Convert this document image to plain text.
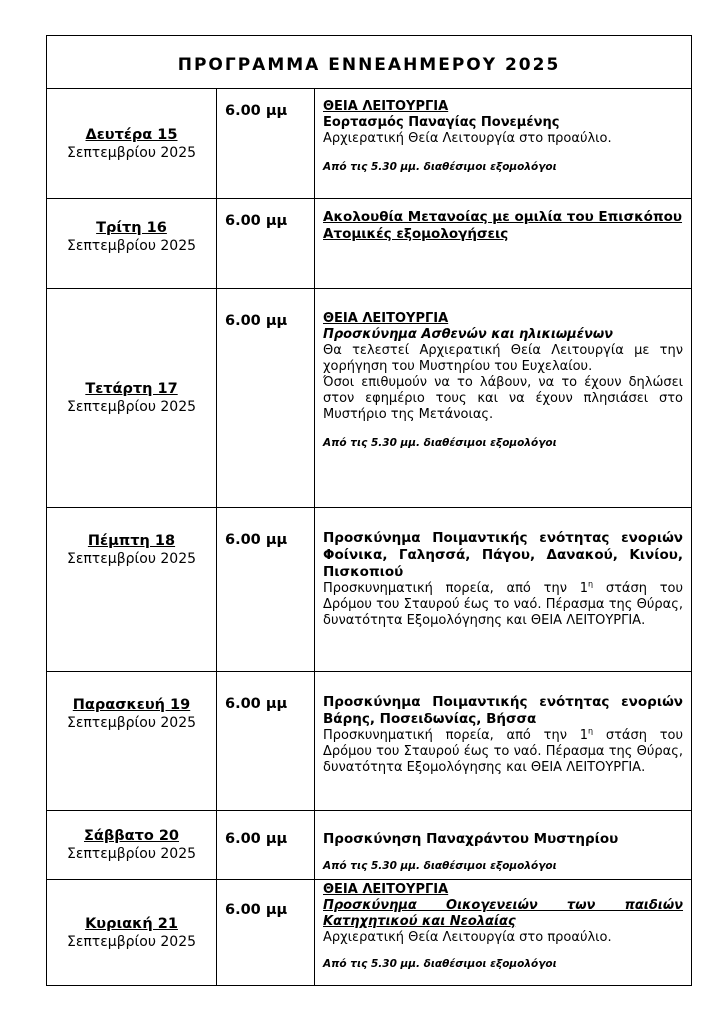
ΠΡΟΓΡΑΜΜΑ ΕΝΝΕΑΗΜΕΡΟΥ 2025		
Δευτέρα 15
Σεπτεμβρίου 2025	6.00 μμ	ΘΕΙΑ ΛΕΙΤΟΥΡΓΙΑ
Εορτασμός Παναγίας Πονεμένης
Αρχιερατική Θεία Λειτουργία στο προαύλιο.
Από τις 5.30 μμ. διαθέσιμοι εξομολόγοι

Τρίτη 16
Σεπτεμβρίου 2025	6.00 μμ	Ακολουθία Μετανοίας με ομιλία του Επισκόπου
Ατομικές εξομολογήσεις

Τετάρτη 17
Σεπτεμβρίου 2025	6.00 μμ	ΘΕΙΑ ΛΕΙΤΟΥΡΓΙΑ
Προσκύνημα Ασθενών και ηλικιωμένων
Θα τελεστεί Αρχιερατική Θεία Λειτουργία με την χορήγηση του Μυστηρίου του Ευχελαίου.
Όσοι επιθυμούν να το λάβουν, να το έχουν δηλώσει στον εφημέριο τους και να έχουν πλησιάσει στο Μυστήριο της Μετάνοιας.
Από τις 5.30 μμ. διαθέσιμοι εξομολόγοι

Πέμπτη 18
Σεπτεμβρίου 2025	6.00 μμ	Προσκύνημα Ποιμαντικής ενότητας ενοριών Φοίνικα, Γαλησσά, Πάγου, Δανακού, Κινίου, Πισκοπιού
Προσκυνηματική πορεία, από την $1^\eta$ στάση του Δρόμου του Σταυρού έως το ναό. Πέρασμα της Θύρας, δυνατότητα Εξομολόγησης και ΘΕΙΑ ΛΕΙΤΟΥΡΓΙΑ.

Παρασκευή 19
Σεπτεμβρίου 2025	6.00 μμ	Προσκύνημα Ποιμαντικής ενότητας ενοριών Βάρης, Ποσειδωνίας, Βήσσα
Προσκυνηματική πορεία, από την $1^\eta$ στάση του Δρόμου του Σταυρού έως το ναό. Πέρασμα της Θύρας, δυνατότητα Εξομολόγησης και ΘΕΙΑ ΛΕΙΤΟΥΡΓΙΑ.

Σάββατο 20
Σεπτεμβρίου 2025	6.00 μμ	Προσκύνηση Παναχράντου Μυστηρίου
Από τις 5.30 μμ. διαθέσιμοι εξομολόγοι

Κυριακή 21
Σεπτεμβρίου 2025	6.00 μμ	ΘΕΙΑ ΛΕΙΤΟΥΡΓΙΑ
Προσκύνημα Οικογενειών των παιδιών Κατηχητικού και Νεολαίας
Αρχιερατική Θεία Λειτουργία στο προαύλιο.
Από τις 5.30 μμ. διαθέσιμοι εξομολόγοι
